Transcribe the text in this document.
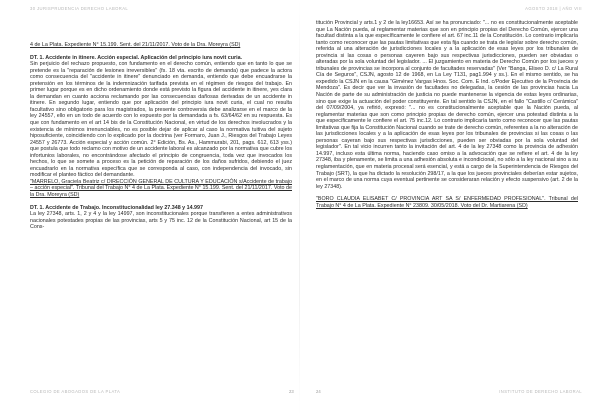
30 JURISPRUDENCIA DERECHO LABORAL	AGOSTO 2018 | AÑO VIII

4 de La Plata. Expediente N° 15.199. Sent. del 21/11/2017. Voto de la Dra. Moreyra (SD)

DT. 1. Accidente in itinere. Acción especial. Aplicación del principio iura novit curia.

Sin perjuicio del rechazo propuesto, con fundamento en el derecho común, entiendo que en tanto lo que se pretende es la "reparación de lesiones irreversibles" (fs. 18 vta. escrito de demanda) que padece la actora como consecuencia del "accidente in itinere" denunciado en demanda, entiendo que debe encuadrarse la pretensión en los términos de la indemnización tarifada prevista en el régimen de riesgos del trabajo. En primer lugar porque es en dicho ordenamiento donde está previsto la figura del accidente in itinere, yes clara la demandan en cuanto acciona reclamando por las consecuencias dañosas derivadas de un accidente in itinere. En segundo lugar, entiendo que por aplicación del principio iura novit curia, el cual no resulta facultativo sino obligatorio para los magistrados, la presente controversia debe analizarse en el marco de la ley 24557, ello en un todo de acuerdo con lo expuesto por la demandada a fs. 63/64/62 en su respuesta. Es que con fundamento en el art 14 bis de la Constitución Nacional, en virtud de los derechos involucrados y la existencia de mínimos irrenunciables, no es posible dejar de aplicar al caso la normativa tuitiva del sujeto hiposuficiente, coincidiendo con lo explicado por la doctrina (ver Formaro, Juan J., Riesgos del Trabajo Leyes 24557 y 26773. Acción especial y acción común. 2° Edición, Bs. As., Hammurabi, 201, pags. 612, 613 yss.) que postula que todo reclamo con motivo de un accidente laboral es alcanzado por la normativa que cubre los infortunios laborales, no encontrándose afectado el principio de congruencia, toda vez que invocados los hechos, lo que se somete a proceso es la petición de reparación de los daños sufridos, debiendo el juez encuadrarlo en la normativa específica que se corresponda al caso, con independencia del invocado, sin modificar el planteo fáctico del demandante.

"MARRELO, Graciela Beatriz c/ DIRECCIÓN GENERAL DE CULTURA Y EDUCACIÓN s/Accidente de trabajo – acción especial". Tribunal del Trabajo N° 4 de La Plata. Expediente N° 15.199. Sent. del 21/11/2017. Voto de la Dra. Moreyra (SD)

DT. 1. Accidente de Trabajo. Inconstitucionalidad ley 27.348 y 14.997

La ley 27348, arts. 1, 2 y 4 y la ley 14997, son inconstitucionales porque transfieren a entes administrativos nacionales potestades propias de las provincias, arts 5 y 75 inc. 12 de la Constitución Nacional, art 15 de la Cons-

titución Provincial y arts.1 y 2 de la ley16653. Así se ha pronunciado: "... no es constitucionalmente aceptable que La Nación pueda, al reglamentar materias que son en principio propias del Derecho Común, ejercer una facultad distinta a la que específicamente le confiere el art. 67 inc.11 de la Constitución. Lo contrario implicaría tanto como reconocer que las pautas limitativas que esta fija cuando se trata de legislar sobre derecho común, referida al una alteración de jurisdicciones locales y a la aplicación de esas leyes por los tribunales de provincia si las cosas o personas cayeren bajo sus respectivas jurisdicciones, pueden ser obviadas o alteradas por la sola voluntad del legislador. ... El juzgamiento en materia de Derecho Común por los jueces y tribunales de provincias se incorpora al conjunto de facultades reservadas" (Ver "Banga, Eliseo D. c/ La Rural Cía de Seguros", CSJN, agosto 12 de 1968, en La Ley T131, pag1.994 y ss.). En el mismo sentido, se ha expedido la CSJN en la causa "Giménez Vargas Hnos. Soc. Com. E Ind. c/Poder Ejecutivo de la Provincia de Mendoza". Es decir que ver la invasión de facultades no delegadas, la cesión de las provincias hacia La Nación de parte de su administración de justicia no puede mantenerse la vigencia de estas leyes ordinarias, sino que exige la actuación del poder constituyente. En tal sentido la CSJN, en el fallo "Castillo c/ Cerámica" del 07/09/2004, ya refirió, expresó: "... no es constitucionalmente aceptable que la Nación pueda, al reglamentar materias que son como principio propias de derecho común, ejercer una potestad distinta a la que específicamente le confiere el art. 75 inc.12. Lo contrario implicaría tanto como reconocer que las pautas limitativas que fija la Constitución Nacional cuando se trate de derecho común, referentes a la no alteración de las jurisdicciones locales y a la aplicación de esas leyes por los tribunales de provincias si las cosas o las personas cayeran bajo sus respectivas jurisdicciones, pueden ser obviadas por la sola voluntad del legislador". En tal vicio incurren tanto la invitación del art. 4 de la ley 27348 como la provincia de adhesión 14.997, incluso esta última norma, haciendo caso omiso a la advocación que se refiere el art. 4 de la ley 27348, iba y plenamente, se limita a una adhesión absoluta e incondicional, no sólo a la ley nacional sino a su reglamentación, que en materia procesal será esencial, y está a cargo de la Superintendencia de Riesgos del Trabajo (SRT), la que ha dictado la resolución 298/17, a la que los jueces provinciales deberían estar sujetos, en el marco de una norma cuya eventual pertinente se consideraran relación y efecto suspensivo (art. 2 de la ley 27348).

"BORO CLAUDIA ELISABET C/ PROVINCIA ART SA S/ ENFERMEDAD PROFESIONAL". Tribunal del Trabajo N° 4 de La Plata. Expediente N° 23809. 30/05/2018. Voto del Dr. Martiarena (SD)

23	24
COLEGIO DE ABOGADOS DE LA PLATA	INSTITUTO DE DERECHO LABORAL
